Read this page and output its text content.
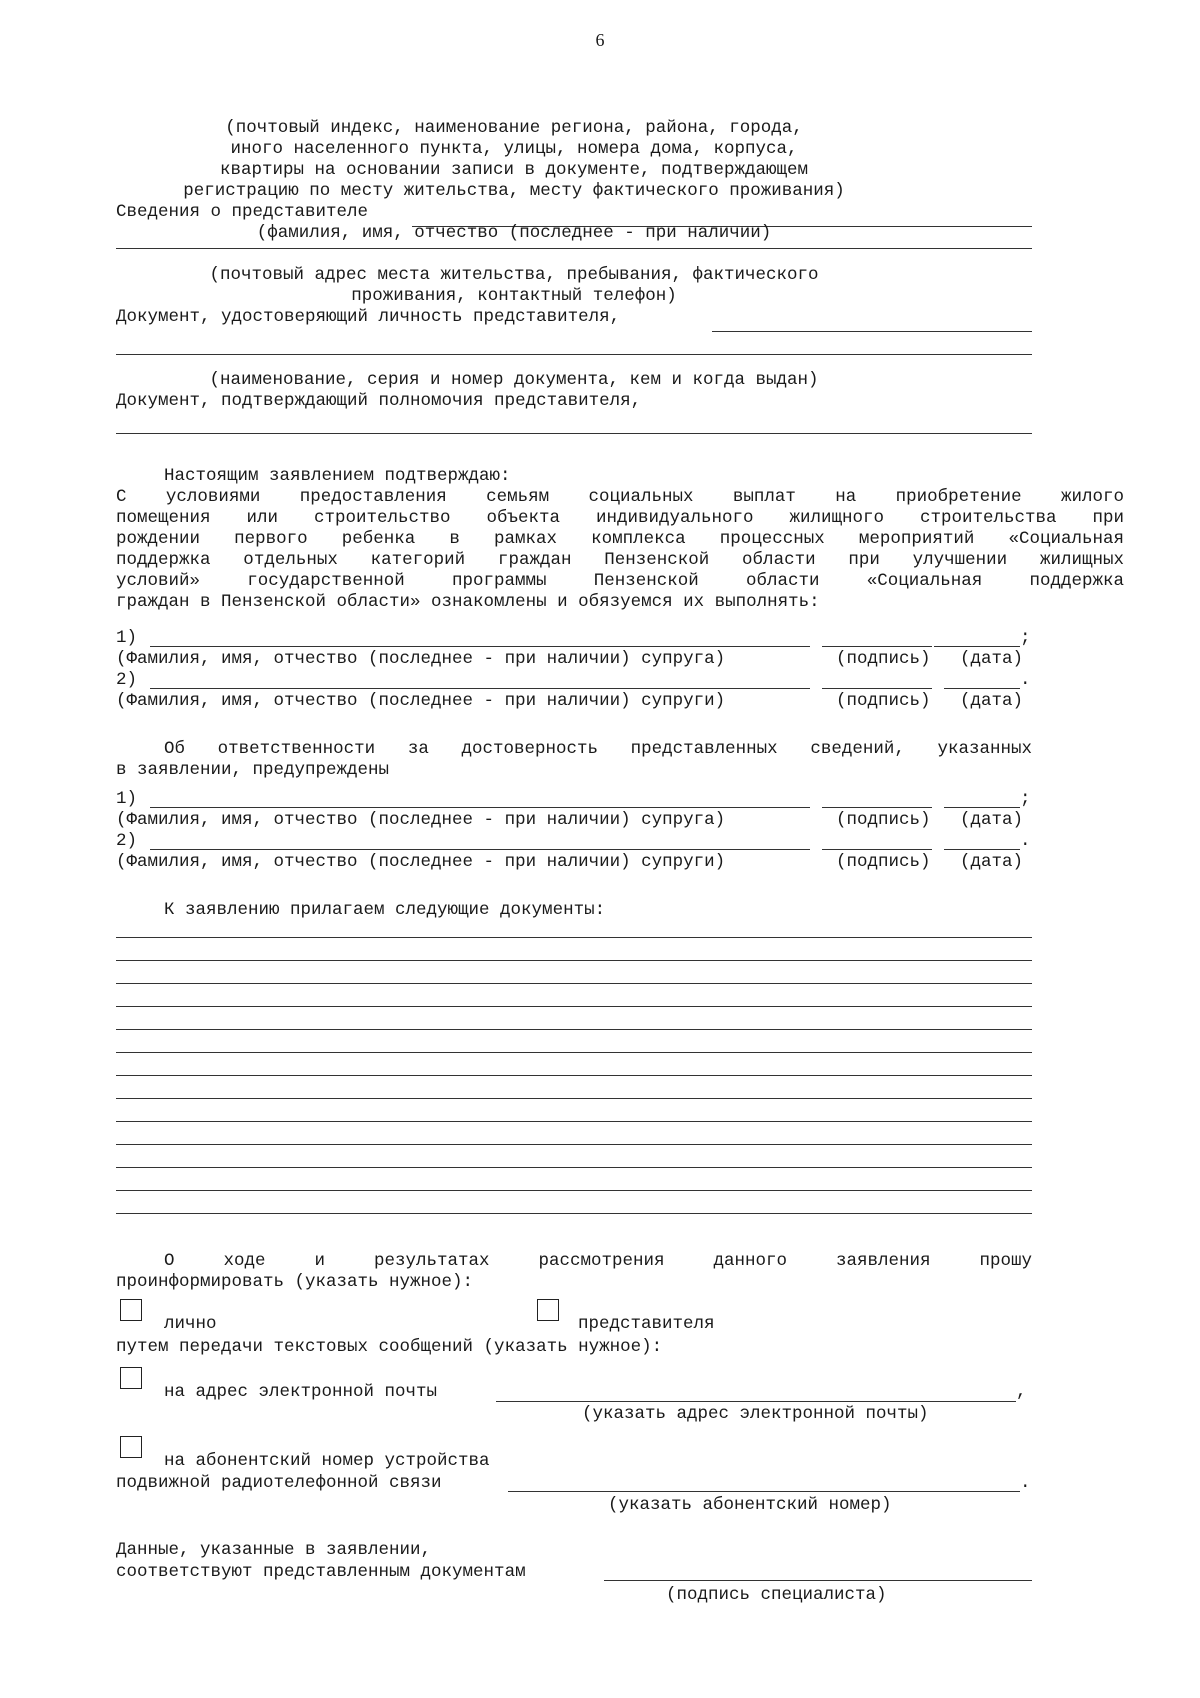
6
(почтовый индекс, наименование региона, района, города,
иного населенного пункта, улицы, номера дома, корпуса,
квартиры на основании записи в документе, подтверждающем
регистрацию по месту жительства, месту фактического проживания)
Сведения о представителе
(фамилия, имя, отчество (последнее - при наличии)
(почтовый адрес места жительства, пребывания, фактического
проживания, контактный телефон)
Документ, удостоверяющий личность представителя,
(наименование, серия и номер документа, кем и когда выдан)
Документ, подтверждающий полномочия представителя,
Настоящим заявлением подтверждаю:
С условиями предоставления семьям социальных выплат на приобретение жилого
помещения или строительство объекта индивидуального жилищного строительства при
рождении первого ребенка в рамках комплекса процессных мероприятий «Социальная
поддержка отдельных категорий граждан Пензенской области при улучшении жилищных
условий» государственной программы Пензенской области «Социальная поддержка
граждан в Пензенской области» ознакомлены и обязуемся их выполнять:
1)	;
(Фамилия, имя, отчество (последнее - при наличии) супруга)	(подпись) (дата)
2)	.
(Фамилия, имя, отчество (последнее - при наличии) супруги)	(подпись) (дата)
Об ответственности за достоверность представленных сведений, указанных
в заявлении, предупреждены
1)	;
(Фамилия, имя, отчество (последнее - при наличии) супруга)	(подпись) (дата)
2)	.
(Фамилия, имя, отчество (последнее - при наличии) супруги)	(подпись) (дата)
К заявлению прилагаем следующие документы:
О ходе и результатах рассмотрения данного заявления прошу
проинформировать (указать нужное):
лично	представителя
путем передачи текстовых сообщений (указать нужное):
на адрес электронной почты	,
(указать адрес электронной почты)
на абонентский номер устройства
подвижной радиотелефонной связи	.
(указать абонентский номер)
Данные, указанные в заявлении,
соответствуют представленным документам
(подпись специалиста)
